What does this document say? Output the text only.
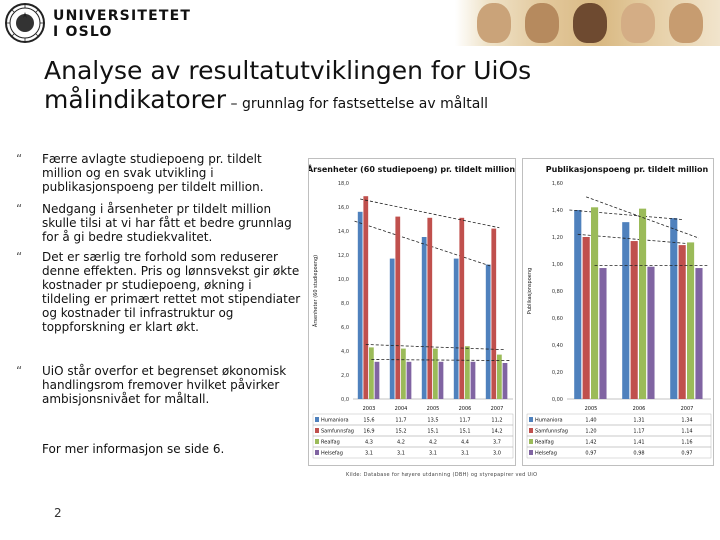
UNIVERSITETET
I OSLO
Analyse av resultatutviklingen for UiOs målindikatorer – grunnlag for fastsettelse av måltall
“ Færre avlagte studiepoeng pr. tildelt million og en svak utvikling i publikasjonspoeng per tildelt million.
“ Nedgang i årsenheter pr tildelt million skulle tilsi at vi har fått et bedre grunnlag for å gi bedre studiekvalitet.
“ Det er særlig tre forhold som reduserer denne effekten. Pris og lønnsvekst gir økte kostnader pr studiepoeng, økning i tildeling er primært rettet mot stipendiater og kostnader til infrastruktur og toppforskning er klart økt.
For mer informasjon se side 6.
“ UiO står overfor et begrenset økonomisk handlingsrom fremover hvilket påvirker ambisjonsnivået for måltall.
Årsenheter (60 studiepoeng) pr. tildelt million
Årsenheter (60 studiepoeng)
0,0
2,0
4,0
6,0
8,0
10,0
12,0
14,0
16,0
18,0
2003	2004	2005	2006	2007
Humaniora	15,6	11,7	13,5	11,7	11,2
Samfunnsfag 16,9	15,2	15,1	15,1	14,2
Realfag	4,3	4,2	4,2	4,4	3,7
Helsefag	3,1	3,1	3,1	3,1	3,0
Publikasjonspoeng pr. tildelt million
Publikasjonspoeng
0,00
0,20
0,40
0,60
0,80
1,00
1,20
1,40
1,60
2005	2006	2007
Humaniora	1,40	1,31	1,34
Samfunnsfag	1,20	1,17	1,14
Realfag	1,42	1,41	1,16
Helsefag	0,97	0,98	0,97
Kilde: Database for høyere utdanning (DBH) og styrepapirer ved UiO
2
